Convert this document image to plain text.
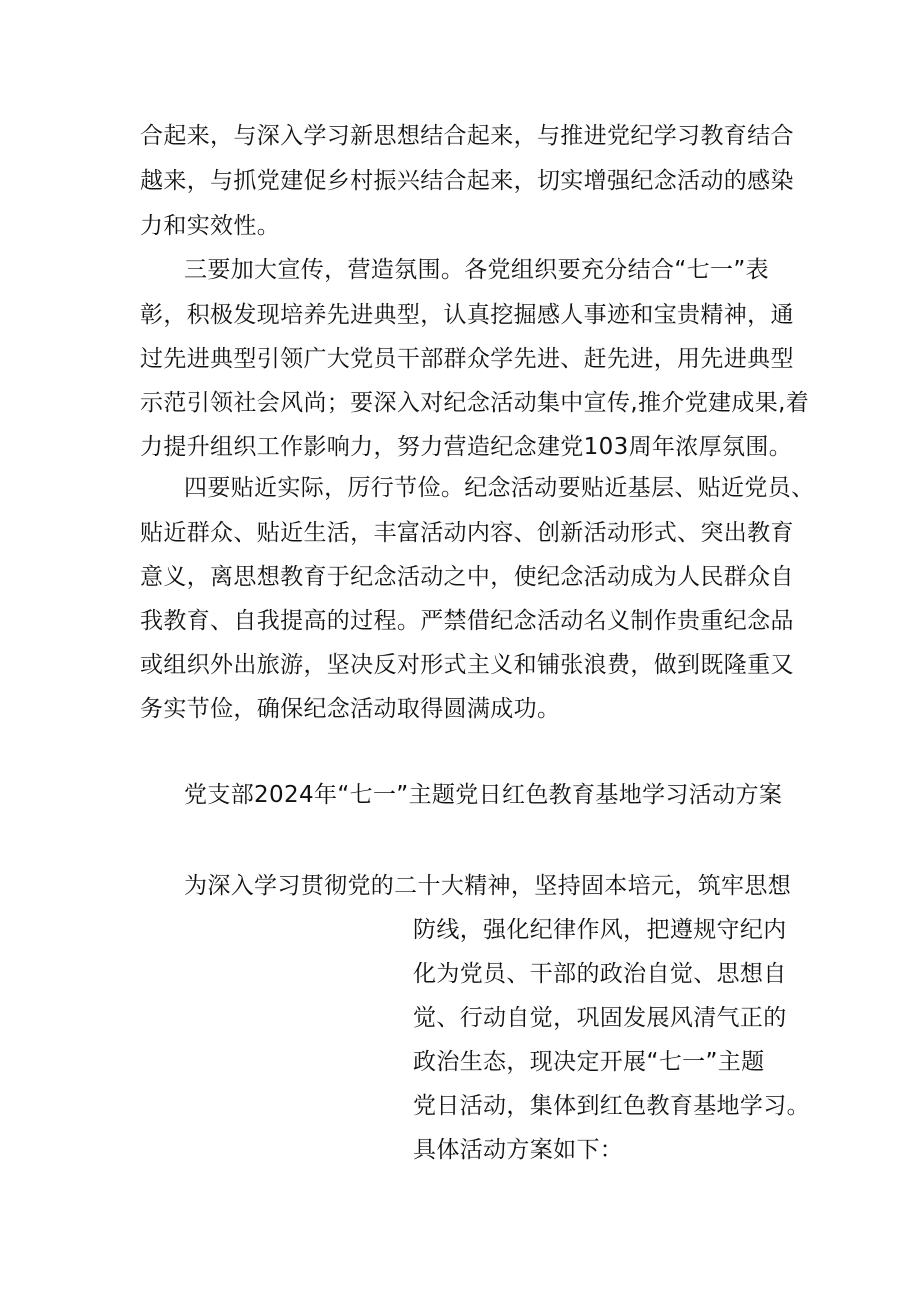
合起来，与深入学习新思想结合起来，与推进党纪学习教育结合

越来，与抓党建促乡村振兴结合起来，切实增强纪念活动的感染

力和实效性。

三要加大宣传，营造氛围。各党组织要充分结合“七一”表

彰，积极发现培养先进典型，认真挖掘感人事迹和宝贵精神，通

过先进典型引领广大党员干部群众学先进、赶先进，用先进典型

示范引领社会风尚；要深入对纪念活动集中宣传,推介党建成果,着

力提升组织工作影响力，努力营造纪念建党103周年浓厚氛围。

四要贴近实际，厉行节俭。纪念活动要贴近基层、贴近党员、

贴近群众、贴近生活，丰富活动内容、创新活动形式、突出教育

意义，离思想教育于纪念活动之中，使纪念活动成为人民群众自

我教育、自我提高的过程。严禁借纪念活动名义制作贵重纪念品

或组织外出旅游，坚决反对形式主义和铺张浪费，做到既隆重又

务实节俭，确保纪念活动取得圆满成功。

党支部2024年“七一”主题党日红色教育基地学习活动方案

为深入学习贯彻党的二十大精神，坚持固本培元，筑牢思想

防线，强化纪律作风，把遵规守纪内

化为党员、干部的政治自觉、思想自

觉、行动自觉，巩固发展风清气正的

政治生态，现决定开展“七一”主题

党日活动，集体到红色教育基地学习。

具体活动方案如下：
